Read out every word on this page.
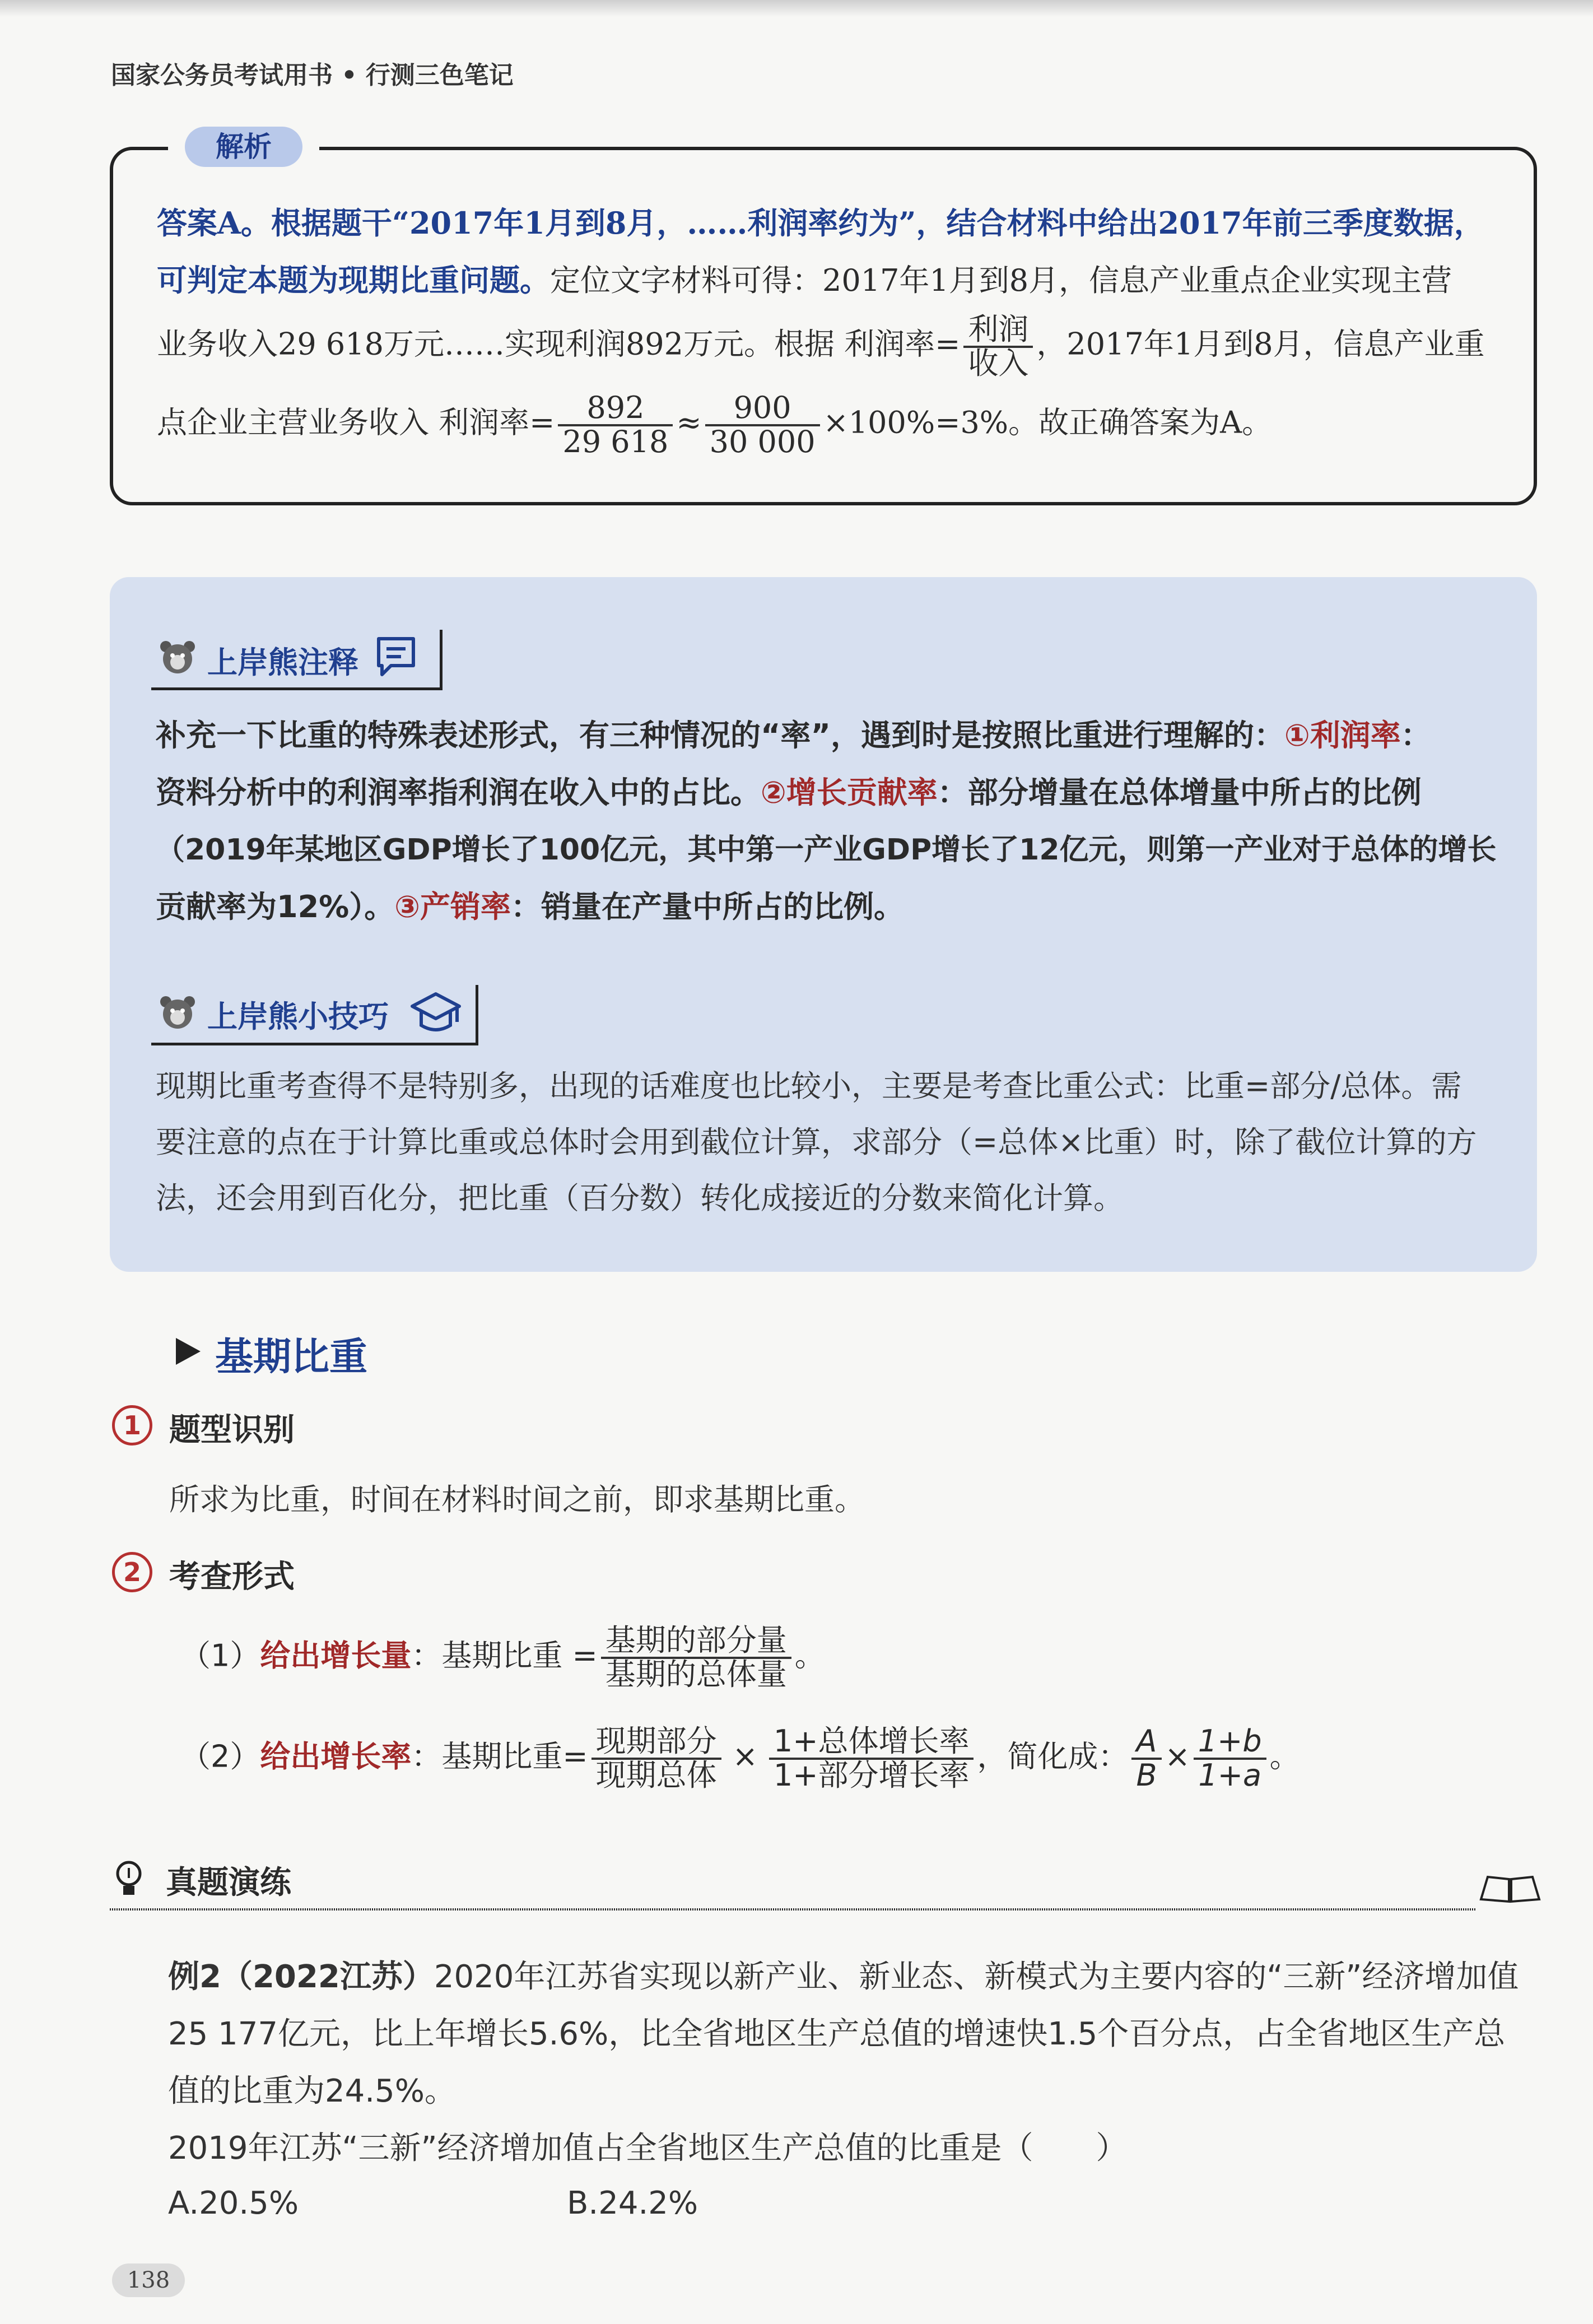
国家公务员考试用书 • 行测三色笔记
解析
答案A。根据题干“2017年1月到8月，……利润率约为”，结合材料中给出2017年前三季度数据，
可判定本题为现期比重问题。定位文字材料可得：2017年1月到8月，信息产业重点企业实现主营
业务收入29 618万元……实现利润892万元。根据 利润率= $\frac{\text{利润}}{\text{收入}}$ ，2017年1月到8月，信息产业重
点企业主营业务收入 利润率= $\frac{892}{29 618} \approx \frac{900}{30 000} \times 100\%=3\%$。故正确答案为A。
上岸熊注释
补充一下比重的特殊表述形式，有三种情况的“率”，遇到时是按照比重进行理解的：①利润率：
资料分析中的利润率指利润在收入中的占比。②增长贡献率：部分增量在总体增量中所占的比例
（2019年某地区GDP增长了100亿元，其中第一产业GDP增长了12亿元，则第一产业对于总体的增长
贡献率为12%）。③产销率：销量在产量中所占的比例。
上岸熊小技巧
现期比重考查得不是特别多，出现的话难度也比较小，主要是考查比重公式：比重=部分/总体。需
要注意的点在于计算比重或总体时会用到截位计算，求部分（=总体×比重）时，除了截位计算的方
法，还会用到百化分，把比重（百分数）转化成接近的分数来简化计算。
基期比重
1 题型识别
所求为比重，时间在材料时间之前，即求基期比重。
2 考查形式
（1）给出增长量：基期比重 = $\frac{\text{基期的部分量}}{\text{基期的总体量}}$ 。
（2）给出增长率：基期比重= $\frac{\text{现期部分}}{\text{现期总体}} \times \frac{\text{1+总体增长率}}{\text{1+部分增长率}}$ ，简化成： $\frac{A}{B} \times \frac{1+b}{1+a}$ 。
真题演练
例2（2022江苏）2020年江苏省实现以新产业、新业态、新模式为主要内容的“三新”经济增加值
25 177亿元，比上年增长5.6%，比全省地区生产总值的增速快1.5个百分点，占全省地区生产总
值的比重为24.5%。
2019年江苏“三新”经济增加值占全省地区生产总值的比重是（　　）
A.20.5%	B.24.2%
138
